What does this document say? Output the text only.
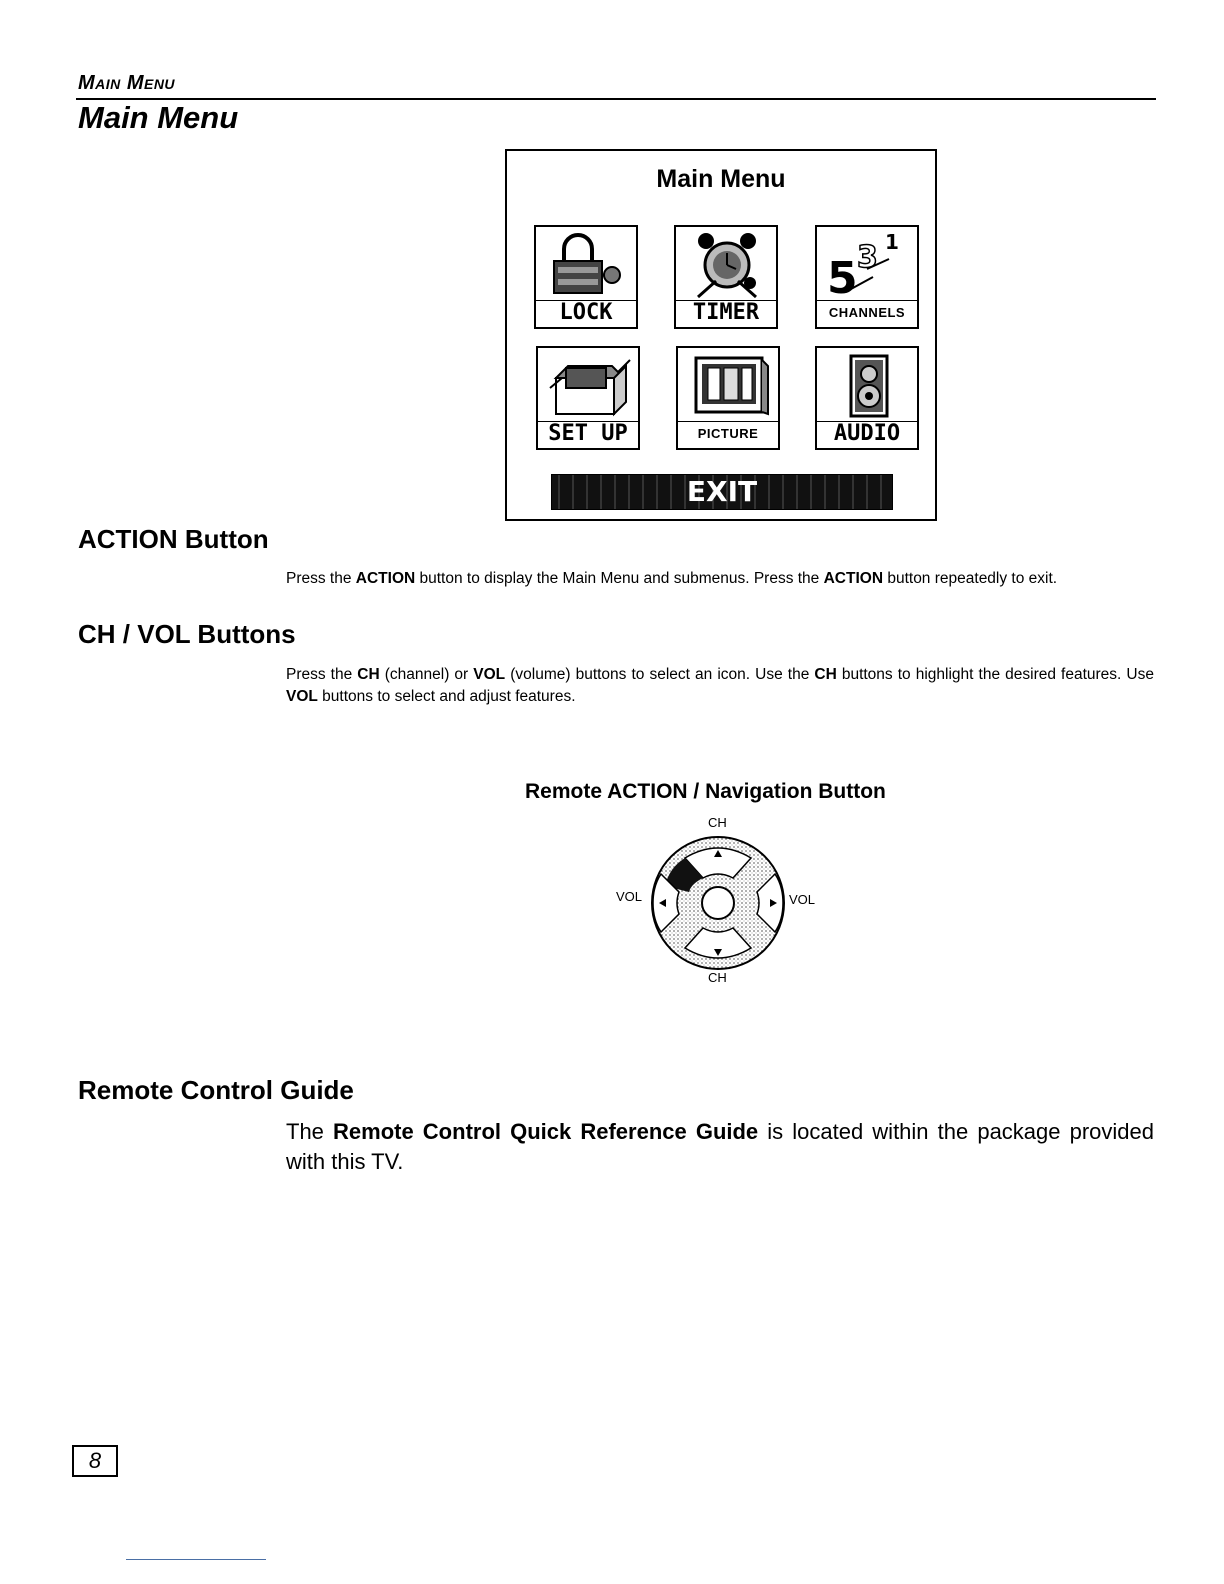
Main Menu
Main Menu
Main Menu
LOCK	TIMER
5 3 1
CHANNELS
SET UP	PICTURE	AUDIO
EXIT
ACTION Button
Press the ACTION button to display the Main Menu and submenus. Press the ACTION button repeatedly to exit.
CH / VOL Buttons
Press the CH (channel) or VOL (volume) buttons to select an icon. Use the CH buttons to highlight the desired features. Use VOL buttons to select and adjust features.
Remote ACTION / Navigation Button
CH
CH
VOL	VOL
Remote Control Guide
The Remote Control Quick Reference Guide is located within the package provided with this TV.
8
